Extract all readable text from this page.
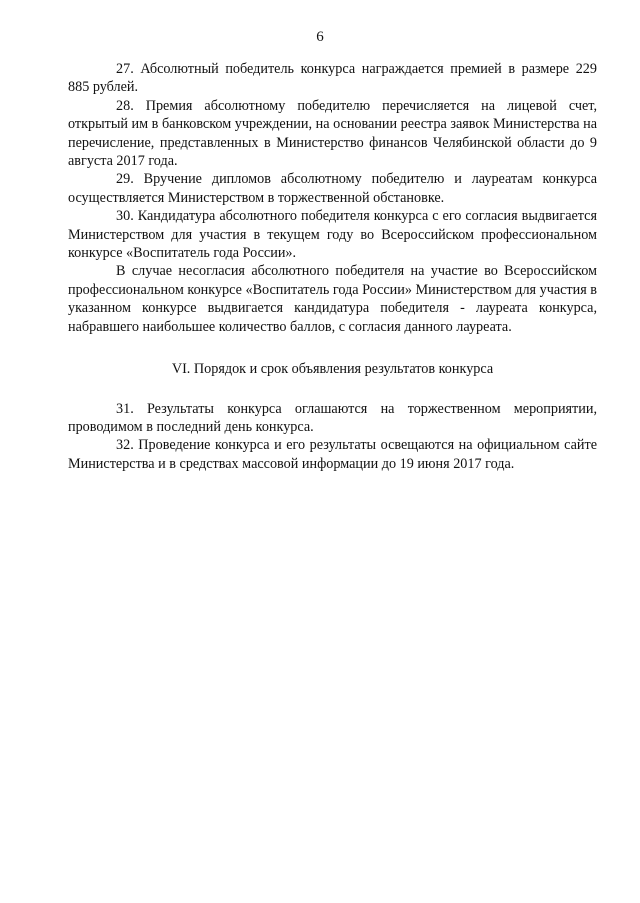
6

27. Абсолютный победитель конкурса награждается премией в размере 229 885 рублей.

28. Премия абсолютному победителю перечисляется на лицевой счет, открытый им в банковском учреждении, на основании реестра заявок Министерства на перечисление, представленных в Министерство финансов Челябинской области до 9 августа 2017 года.

29. Вручение дипломов абсолютному победителю и лауреатам конкурса осуществляется Министерством в торжественной обстановке.

30. Кандидатура абсолютного победителя конкурса с его согласия выдвигается Министерством для участия в текущем году во Всероссийском профессиональном конкурсе «Воспитатель года России».

В случае несогласия абсолютного победителя на участие во Всероссийском профессиональном конкурсе «Воспитатель года России» Министерством для участия в указанном конкурсе выдвигается кандидатура победителя - лауреата конкурса, набравшего наибольшее количество баллов, с согласия данного лауреата.

VI. Порядок и срок объявления результатов конкурса

31. Результаты конкурса оглашаются на торжественном мероприятии, проводимом в последний день конкурса.

32. Проведение конкурса и его результаты освещаются на официальном сайте Министерства и в средствах массовой информации до 19 июня 2017 года.
